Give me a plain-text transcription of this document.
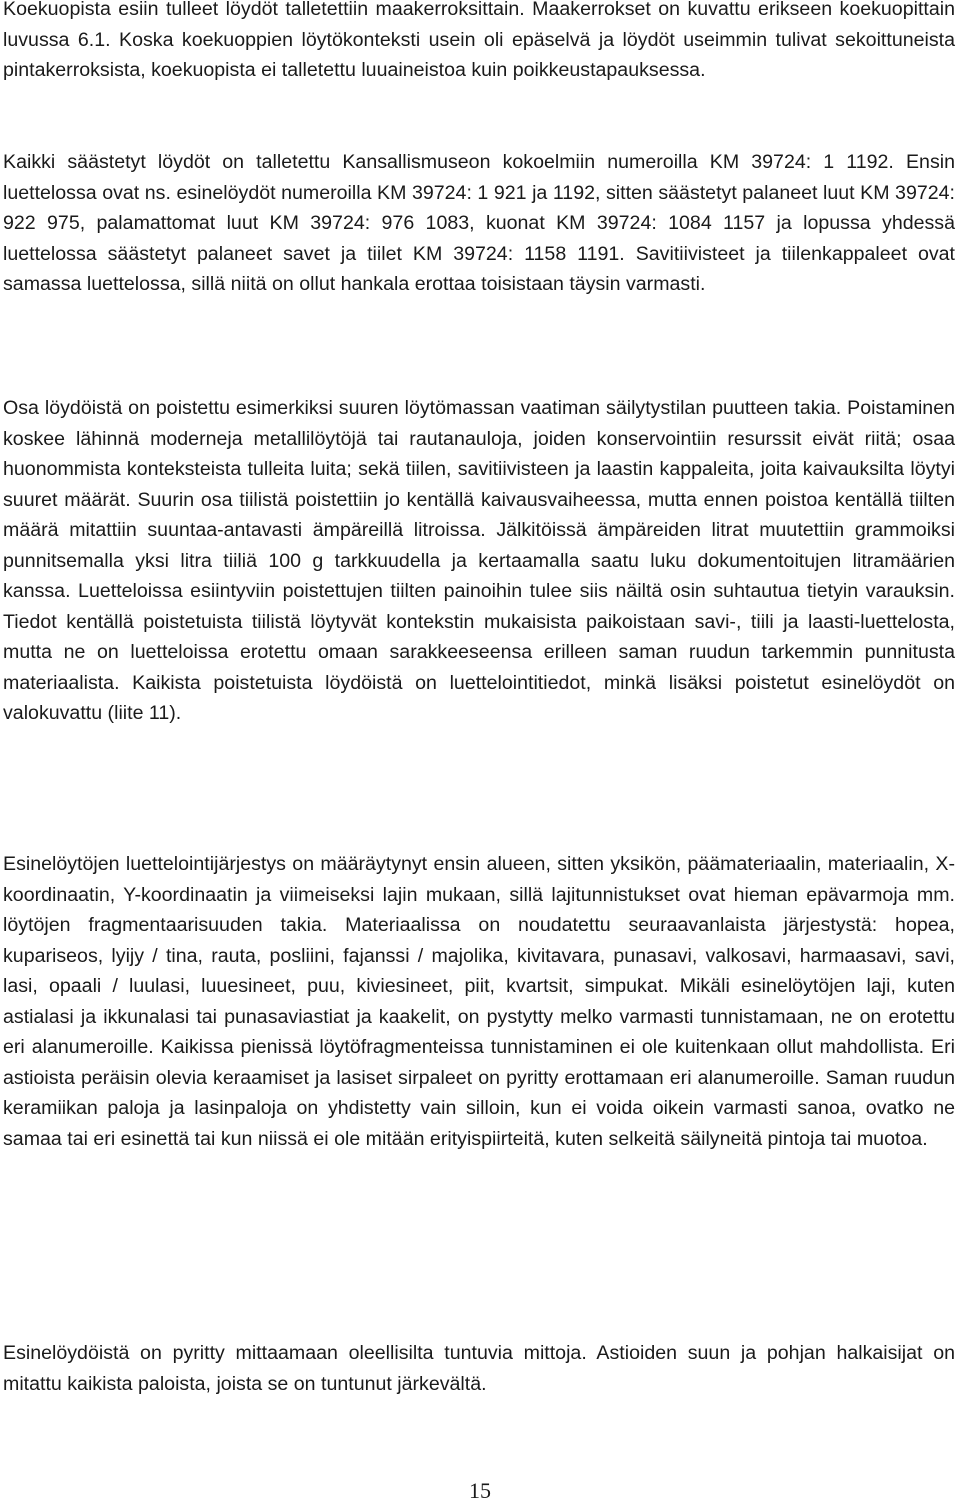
Koekuopista esiin tulleet löydöt talletettiin maakerroksittain. Maakerrokset on kuvattu erikseen koekuopittain luvussa 6.1. Koska koekuoppien löytökonteksti usein oli epäselvä ja löydöt useimmin tulivat sekoittuneista pintakerroksista, koekuopista ei talletettu luuaineistoa kuin poikkeustapauksessa.

Kaikki säästetyt löydöt on talletettu Kansallismuseon kokoelmiin numeroilla KM 39724: 1 1192. Ensin luettelossa ovat ns. esinelöydöt numeroilla KM 39724: 1 921 ja 1192, sitten säästetyt palaneet luut KM 39724: 922 975, palamattomat luut KM 39724: 976 1083, kuonat KM 39724: 1084 1157 ja lopussa yhdessä luettelossa säästetyt palaneet savet ja tiilet KM 39724: 1158 1191. Savitiivisteet ja tiilenkappaleet ovat samassa luettelossa, sillä niitä on ollut hankala erottaa toisistaan täysin varmasti.

Osa löydöistä on poistettu esimerkiksi suuren löytömassan vaatiman säilytystilan puutteen takia. Poistaminen koskee lähinnä moderneja metallilöytöjä tai rautanauloja, joiden konservointiin resurssit eivät riitä; osaa huonommista konteksteista tulleita luita; sekä tiilen, savitiivisteen ja laastin kappaleita, joita kaivauksilta löytyi suuret määrät. Suurin osa tiilistä poistettiin jo kentällä kaivausvaiheessa, mutta ennen poistoa kentällä tiilten määrä mitattiin suuntaa-antavasti ämpäreillä litroissa. Jälkitöissä ämpäreiden litrat muutettiin grammoiksi punnitsemalla yksi litra tiiliä 100 g tarkkuudella ja kertaamalla saatu luku dokumentoitujen litramäärien kanssa. Luetteloissa esiintyviin poistettujen tiilten painoihin tulee siis näiltä osin suhtautua tietyin varauksin. Tiedot kentällä poistetuista tiilistä löytyvät kontekstin mukaisista paikoistaan savi-, tiili ja laasti-luettelosta, mutta ne on luetteloissa erotettu omaan sarakkeeseensa erilleen saman ruudun tarkemmin punnitusta materiaalista. Kaikista poistetuista löydöistä on luettelointitiedot, minkä lisäksi poistetut esinelöydöt on valokuvattu (liite 11).

Esinelöytöjen luettelointijärjestys on määräytynyt ensin alueen, sitten yksikön, päämateriaalin, materiaalin, X-koordinaatin, Y-koordinaatin ja viimeiseksi lajin mukaan, sillä lajitunnistukset ovat hieman epävarmoja mm. löytöjen fragmentaarisuuden takia. Materiaalissa on noudatettu seuraavanlaista järjestystä: hopea, kupariseos, lyijy / tina, rauta, posliini, fajanssi / majolika, kivitavara, punasavi, valkosavi, harmaasavi, savi, lasi, opaali / luulasi, luuesineet, puu, kiviesineet, piit, kvartsit, simpukat. Mikäli esinelöytöjen laji, kuten astialasi ja ikkunalasi tai punasaviastiat ja kaakelit, on pystytty melko varmasti tunnistamaan, ne on erotettu eri alanumeroille. Kaikissa pienissä löytöfragmenteissa tunnistaminen ei ole kuitenkaan ollut mahdollista. Eri astioista peräisin olevia keraamiset ja lasiset sirpaleet on pyritty erottamaan eri alanumeroille. Saman ruudun keramiikan paloja ja lasinpaloja on yhdistetty vain silloin, kun ei voida oikein varmasti sanoa, ovatko ne samaa tai eri esinettä tai kun niissä ei ole mitään erityispiirteitä, kuten selkeitä säilyneitä pintoja tai muotoa.

Esinelöydöistä on pyritty mittaamaan oleellisilta tuntuvia mittoja. Astioiden suun ja pohjan halkaisijat on mitattu kaikista paloista, joista se on tuntunut järkevältä.

15
